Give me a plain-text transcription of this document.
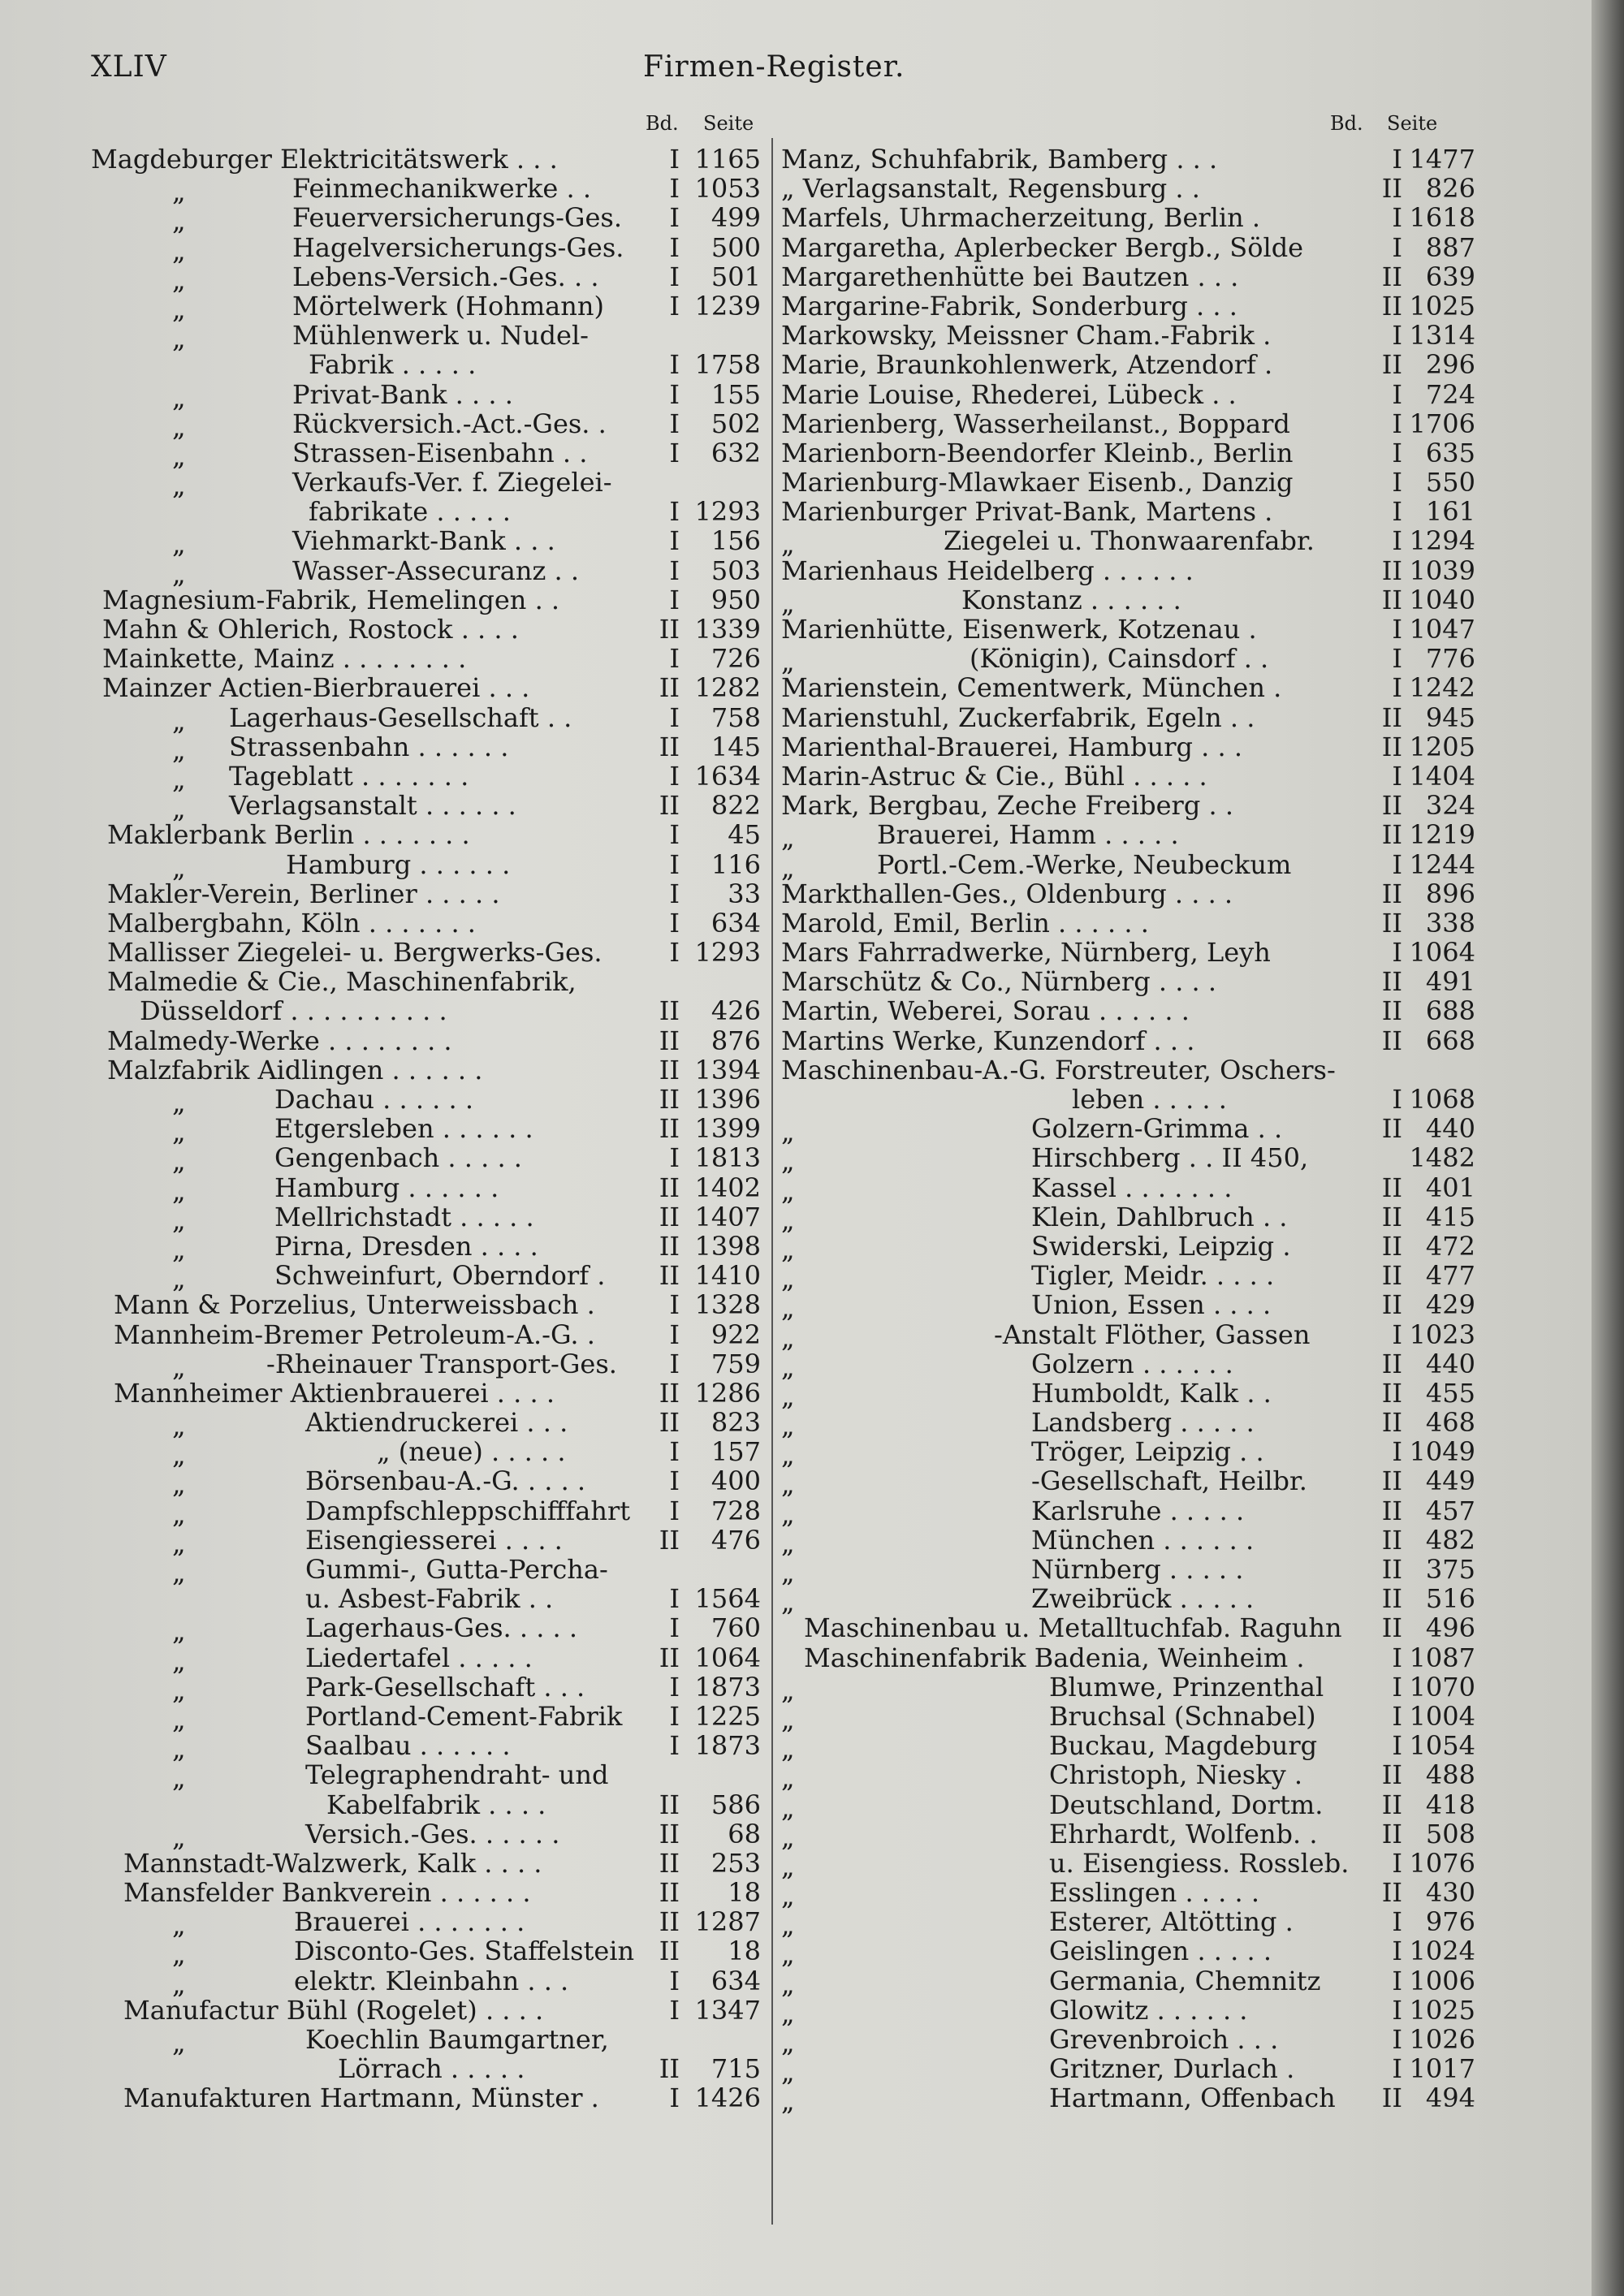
XLIV	Firmen-Register.
Bd. Seite	Bd. Seite
Magdeburger Elektricitätswerk . . .	I 1165
„	Feinmechanikwerke . .	I 1053
„	Feuerversicherungs-Ges.	I	499
„	Hagelversicherungs-Ges.	I	500
„	Lebens-Versich.-Ges. . .	I	501
„	Mörtelwerk (Hohmann)	I 1239
„	Mühlenwerk u. Nudel-
Fabrik . . . . .	I 1758
„	Privat-Bank . . . .	I	155
„	Rückversich.-Act.-Ges. .	I	502
„	Strassen-Eisenbahn . .	I	632
„	Verkaufs-Ver. f. Ziegelei-
fabrikate . . . . .	I 1293
„	Viehmarkt-Bank . . .	I	156
„	Wasser-Assecuranz . .	I	503
Magnesium-Fabrik, Hemelingen . .	I	950
Mahn & Ohlerich, Rostock . . . .	II 1339
Mainkette, Mainz . . . . . . . .	I	726
Mainzer Actien-Bierbrauerei . . .	II 1282
„ Lagerhaus-Gesellschaft . .	I	758
„ Strassenbahn . . . . . .	II	145
„ Tageblatt . . . . . . .	I 1634
„ Verlagsanstalt . . . . . .	II	822
Maklerbank Berlin . . . . . . .	I	45
„	Hamburg . . . . . .	I	116
Makler-Verein, Berliner . . . . .	I	33
Malbergbahn, Köln . . . . . . .	I	634
Mallisser Ziegelei- u. Bergwerks-Ges.	I 1293
Malmedie & Cie., Maschinenfabrik,
Düsseldorf . . . . . . . . . .	II	426
Malmedy-Werke . . . . . . . .	II	876
Malzfabrik Aidlingen . . . . . .	II 1394
„	Dachau . . . . . .	II 1396
„	Etgersleben . . . . . .	II 1399
„	Gengenbach . . . . .	I 1813
„	Hamburg . . . . . .	II 1402
„	Mellrichstadt . . . . .	II 1407
„	Pirna, Dresden . . . .	II 1398
„	Schweinfurt, Oberndorf .	II 1410
Mann & Porzelius, Unterweissbach .	I 1328
Mannheim-Bremer Petroleum-A.-G. .	I	922
„	-Rheinauer Transport-Ges.	I	759
Mannheimer Aktienbrauerei . . . .	II 1286
„	Aktiendruckerei . . .	II	823
„	„ (neue) . . . . .	I	157
„	Börsenbau-A.-G. . . . .	I	400
„	Dampfschleppschifffahrt	I	728
„	Eisengiesserei . . . .	II	476
„	Gummi-, Gutta-Percha-
u. Asbest-Fabrik . .	I 1564
„	Lagerhaus-Ges. . . . .	I	760
„	Liedertafel . . . . .	II 1064
„	Park-Gesellschaft . . .	I 1873
„	Portland-Cement-Fabrik	I 1225
„	Saalbau . . . . . .	I 1873
„	Telegraphendraht- und
Kabelfabrik . . . .	II	586
„	Versich.-Ges. . . . . .	II	68
Mannstadt-Walzwerk, Kalk . . . .	II	253
Mansfelder Bankverein . . . . . .	II	18
„	Brauerei . . . . . . .	II 1287
„	Disconto-Ges. Staffelstein II	18
„	elektr. Kleinbahn . . .	I	634
Manufactur Bühl (Rogelet) . . . .	I 1347
„	Koechlin Baumgartner,
Lörrach . . . . .	II	715
Manufakturen Hartmann, Münster .	I 1426
Manz, Schuhfabrik, Bamberg . . .	I 1477
„ Verlagsanstalt, Regensburg . .	II 826
Marfels, Uhrmacherzeitung, Berlin .	I 1618
Margaretha, Aplerbecker Bergb., Sölde	I 887
Margarethenhütte bei Bautzen . . .	II 639
Margarine-Fabrik, Sonderburg . . .	II 1025
Markowsky, Meissner Cham.-Fabrik .	I 1314
Marie, Braunkohlenwerk, Atzendorf .	II 296
Marie Louise, Rhederei, Lübeck . .	I 724
Marienberg, Wasserheilanst., Boppard	I 1706
Marienborn-Beendorfer Kleinb., Berlin	I 635
Marienburg-Mlawkaer Eisenb., Danzig	I 550
Marienburger Privat-Bank, Martens .	I 161
„	Ziegelei u. Thonwaarenfabr.	I 1294
Marienhaus Heidelberg . . . . . .	II 1039
„	Konstanz . . . . . .	II 1040
Marienhütte, Eisenwerk, Kotzenau .	I 1047
„	(Königin), Cainsdorf . .	I 776
Marienstein, Cementwerk, München .	I 1242
Marienstuhl, Zuckerfabrik, Egeln . .	II 945
Marienthal-Brauerei, Hamburg . . .	II 1205
Marin-Astruc & Cie., Bühl . . . . .	I 1404
Mark, Bergbau, Zeche Freiberg . .	II 324
„	Brauerei, Hamm . . . . .	II 1219
„	Portl.-Cem.-Werke, Neubeckum	I 1244
Markthallen-Ges., Oldenburg . . . .	II 896
Marold, Emil, Berlin . . . . . .	II 338
Mars Fahrradwerke, Nürnberg, Leyh	I 1064
Marschütz & Co., Nürnberg . . . .	II 491
Martin, Weberei, Sorau . . . . . .	II 688
Martins Werke, Kunzendorf . . .	II 668
Maschinenbau-A.-G. Forstreuter, Oschers-
leben . . . . .	I 1068
„	Golzern-Grimma . .	II 440
„	Hirschberg . . II 450,	1482
„	Kassel . . . . . . .	II 401
„	Klein, Dahlbruch . .	II 415
„	Swiderski, Leipzig .	II 472
„	Tigler, Meidr. . . . .	II 477
„	Union, Essen . . . .	II 429
„	-Anstalt Flöther, Gassen	I 1023
„	Golzern . . . . . .	II 440
„	Humboldt, Kalk . .	II 455
„	Landsberg . . . . .	II 468
„	Tröger, Leipzig . .	I 1049
„	-Gesellschaft, Heilbr.	II 449
„	Karlsruhe . . . . .	II 457
„	München . . . . . .	II 482
„	Nürnberg . . . . .	II 375
„	Zweibrück . . . . .	II 516
Maschinenbau u. Metalltuchfab. Raguhn	II 496
Maschinenfabrik Badenia, Weinheim .	I 1087
„	Blumwe, Prinzenthal	I 1070
„	Bruchsal (Schnabel)	I 1004
„	Buckau, Magdeburg	I 1054
„	Christoph, Niesky .	II 488
„	Deutschland, Dortm.	II 418
„	Ehrhardt, Wolfenb. .	II 508
„	u. Eisengiess. Rossleb.	I 1076
„	Esslingen . . . . .	II 430
„	Esterer, Altötting .	I 976
„	Geislingen . . . . .	I 1024
„	Germania, Chemnitz	I 1006
„	Glowitz . . . . . .	I 1025
„	Grevenbroich . . .	I 1026
„	Gritzner, Durlach .	I 1017
„	Hartmann, Offenbach	II 494
